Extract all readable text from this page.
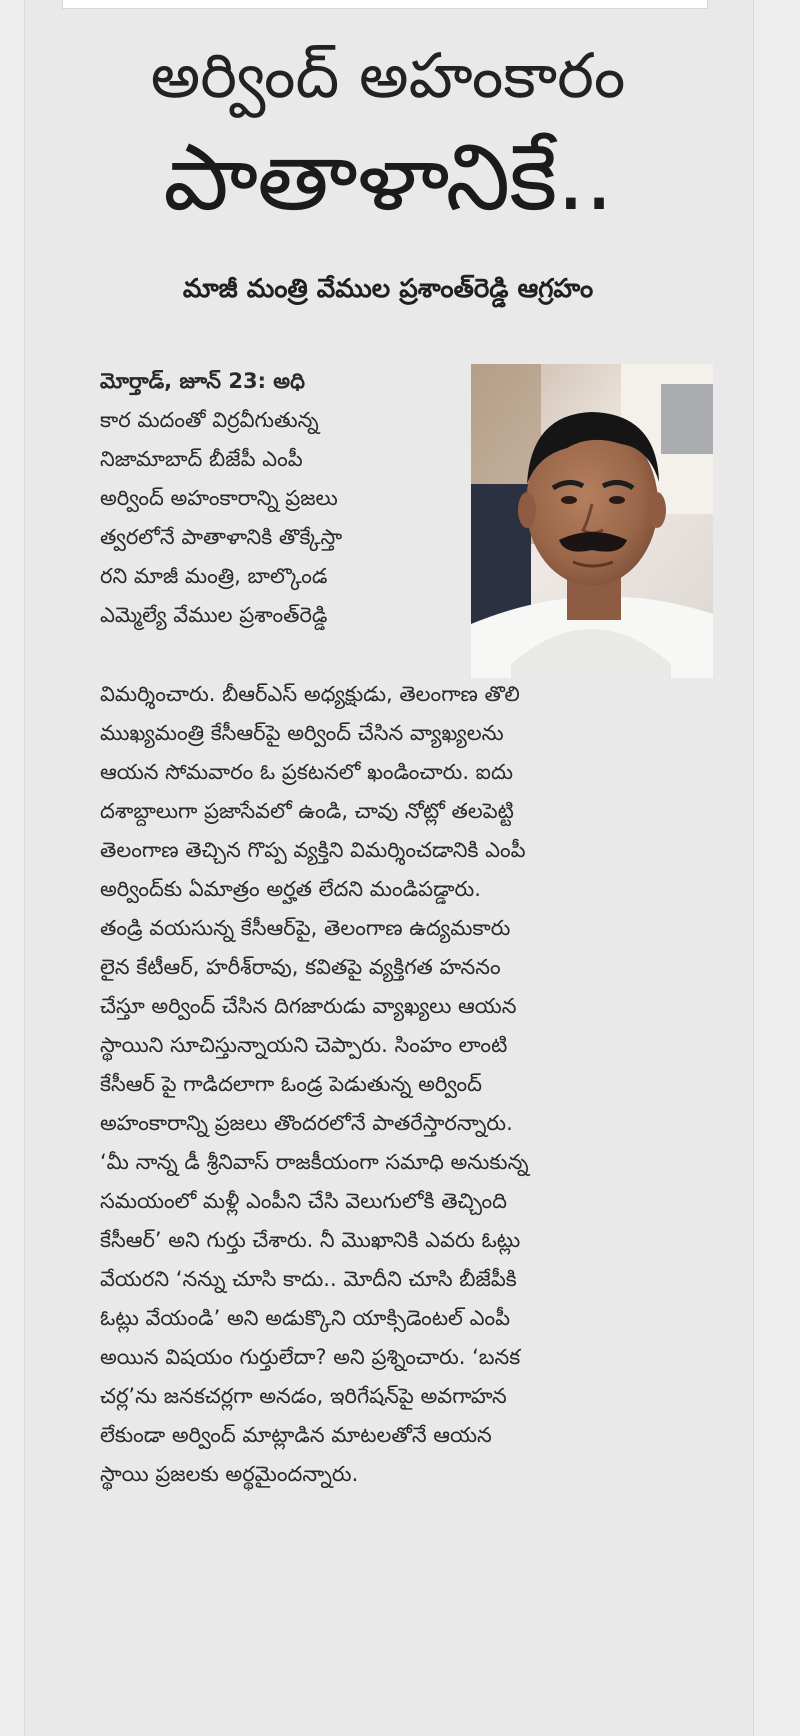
అర్వింద్ అహంకారం
పాతాళానికే..
మాజీ మంత్రి వేముల ప్రశాంత్‌రెడ్డి ఆగ్రహం
మోర్తాడ్, జూన్ 23: అధి
కార మదంతో విర్రవీగుతున్న
నిజామాబాద్ బీజేపీ ఎంపీ
అర్వింద్ అహంకారాన్ని ప్రజలు
త్వరలోనే పాతాళానికి తొక్కేస్తా
రని మాజీ మంత్రి, బాల్కొండ
ఎమ్మెల్యే వేముల ప్రశాంత్‌రెడ్డి
విమర్శించారు. బీఆర్‌ఎస్ అధ్యక్షుడు, తెలంగాణ తొలి
ముఖ్యమంత్రి కేసీఆర్‌పై అర్వింద్ చేసిన వ్యాఖ్యలను
ఆయన సోమవారం ఓ ప్రకటనలో ఖండించారు. ఐదు
దశాబ్దాలుగా ప్రజాసేవలో ఉండి, చావు నోట్లో తలపెట్టి
తెలంగాణ తెచ్చిన గొప్ప వ్యక్తిని విమర్శించడానికి ఎంపీ
అర్వింద్‌కు ఏమాత్రం అర్హత లేదని మండిపడ్డారు.
తండ్రి వయసున్న కేసీఆర్‌పై, తెలంగాణ ఉద్యమకారు
లైన కేటీఆర్, హరీశ్‌రావు, కవితపై వ్యక్తిగత హననం
చేస్తూ అర్వింద్ చేసిన దిగజారుడు వ్యాఖ్యలు ఆయన
స్థాయిని సూచిస్తున్నాయని చెప్పారు. సింహం లాంటి
కేసీఆర్ పై గాడిదలాగా ఓండ్ర పెడుతున్న అర్వింద్
అహంకారాన్ని ప్రజలు తొందరలోనే పాతరేస్తారన్నారు.
‘మీ నాన్న డీ శ్రీనివాస్ రాజకీయంగా సమాధి అనుకున్న
సమయంలో మళ్లీ ఎంపీని చేసి వెలుగులోకి తెచ్చింది
కేసీఆర్’ అని గుర్తు చేశారు. నీ మొఖానికి ఎవరు ఓట్లు
వేయరని ‘నన్ను చూసి కాదు.. మోదీని చూసి బీజేపీకి
ఓట్లు వేయండి’ అని అడుక్కొని యాక్సిడెంటల్ ఎంపీ
అయిన విషయం గుర్తులేదా? అని ప్రశ్నించారు. ‘బనక
చర్ల’ను జనకచర్లగా అనడం, ఇరిగేషన్‌పై అవగాహన
లేకుండా అర్వింద్ మాట్లాడిన మాటలతోనే ఆయన
స్థాయి ప్రజలకు అర్థమైందన్నారు.
